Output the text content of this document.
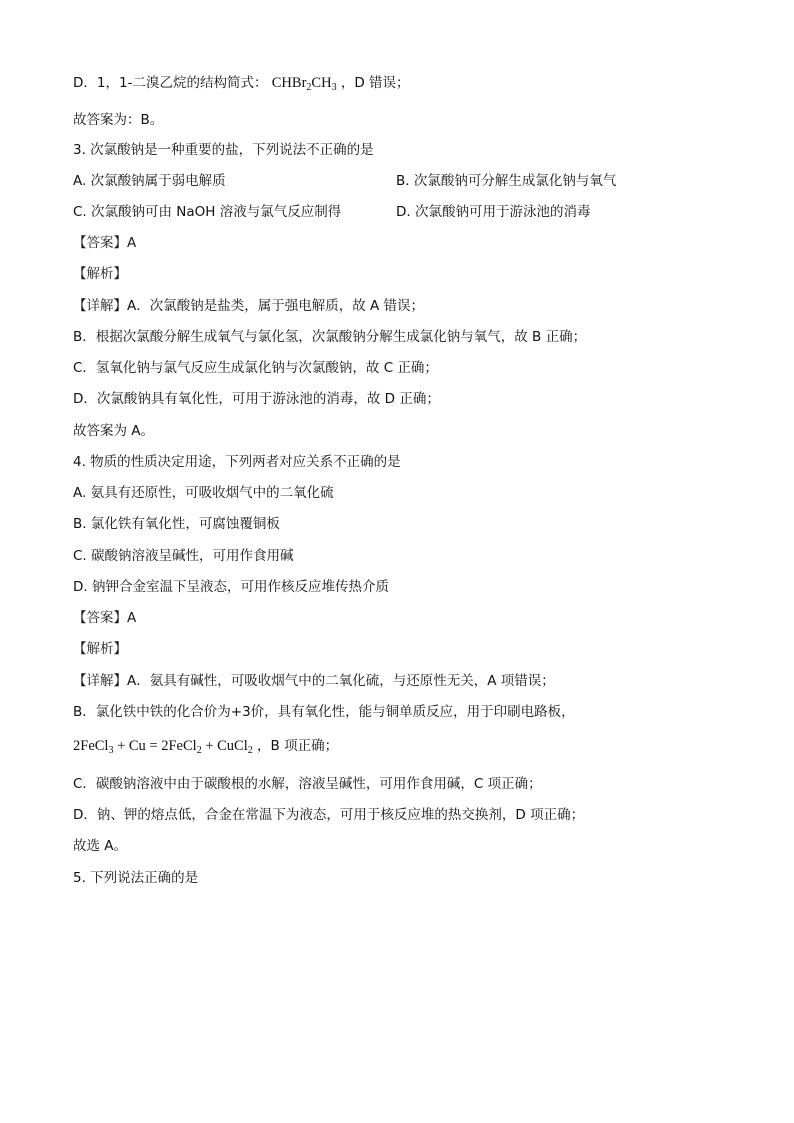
D．1，1-二溴乙烷的结构简式： $CHBr_2CH_3$ ，D 错误；
故答案为：B。
3. 次氯酸钠是一种重要的盐，下列说法不正确的是
A. 次氯酸钠属于弱电解质	B. 次氯酸钠可分解生成氯化钠与氧气
C. 次氯酸钠可由 NaOH 溶液与氯气反应制得	D. 次氯酸钠可用于游泳池的消毒
【答案】A
【解析】
【详解】A．次氯酸钠是盐类，属于强电解质，故 A 错误；
B．根据次氯酸分解生成氧气与氯化氢，次氯酸钠分解生成氯化钠与氧气，故 B 正确；
C．氢氧化钠与氯气反应生成氯化钠与次氯酸钠，故 C 正确；
D．次氯酸钠具有氧化性，可用于游泳池的消毒，故 D 正确；
故答案为 A。
4. 物质的性质决定用途，下列两者对应关系不正确的是
A. 氨具有还原性，可吸收烟气中的二氧化硫
B. 氯化铁有氧化性，可腐蚀覆铜板
C. 碳酸钠溶液呈碱性，可用作食用碱
D. 钠钾合金室温下呈液态，可用作核反应堆传热介质
【答案】A
【解析】
【详解】A．氨具有碱性，可吸收烟气中的二氧化硫，与还原性无关，A 项错误；
B．氯化铁中铁的化合价为+3价，具有氧化性，能与铜单质反应，用于印刷电路板，
2FeCl$_3$ + Cu = 2FeCl$_2$ + CuCl$_2$ ，B 项正确；
C．碳酸钠溶液中由于碳酸根的水解，溶液呈碱性，可用作食用碱，C 项正确；
D．钠、钾的熔点低，合金在常温下为液态，可用于核反应堆的热交换剂，D 项正确；
故选 A。
5. 下列说法正确的是
